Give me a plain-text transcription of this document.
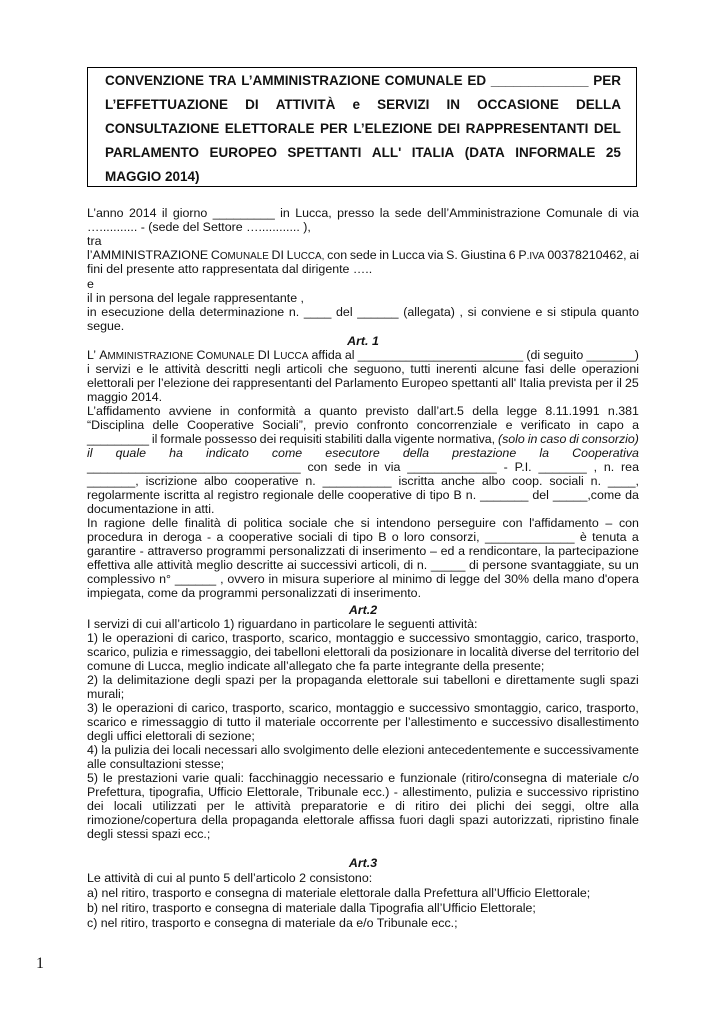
CONVENZIONE TRA L’AMMINISTRAZIONE COMUNALE ED _____________ PER
L’EFFETTUAZIONE DI ATTIVITÀ e SERVIZI IN OCCASIONE DELLA
CONSULTAZIONE ELETTORALE PER L’ELEZIONE DEI RAPPRESENTANTI DEL
PARLAMENTO EUROPEO SPETTANTI ALL' ITALIA (DATA INFORMALE 25
MAGGIO 2014)
L’anno 2014 il giorno _________ in Lucca, presso la sede dell’Amministrazione Comunale di via
…........... - (sede del Settore …............ ),
tra
l’AMMINISTRAZIONE COMUNALE DI LUCCA, con sede in Lucca via S. Giustina 6 P.IVA 00378210462, ai
fini del presente atto rappresentata dal dirigente …..
e
il in persona del legale rappresentante ,
in esecuzione della determinazione n. ____ del ______ (allegata) , si conviene e si stipula quanto
segue.
Art. 1
L’ AMMINISTRAZIONE COMUNALE DI LUCCA affida al ________________________ (di seguito _______)
i servizi e le attività descritti negli articoli che seguono, tutti inerenti alcune fasi delle operazioni
elettorali per l’elezione dei rappresentanti del Parlamento Europeo spettanti all' Italia prevista per il 25
maggio 2014.
L’affidamento avviene in conformità a quanto previsto dall’art.5 della legge 8.11.1991 n.381
“Disciplina delle Cooperative Sociali”, previo confronto concorrenziale e verificato in capo a
_________ il formale possesso dei requisiti stabiliti dalla vigente normativa, (solo in caso di consorzio)
il quale ha indicato come esecutore della prestazione la Cooperativa
_______________________________ con sede in via _____________ - P.I. _______ , n. rea
_______, iscrizione albo cooperative n. __________ iscritta anche albo coop. sociali n. ____,
regolarmente iscritta al registro regionale delle cooperative di tipo B n. _______ del _____,come da
documentazione in atti.
In ragione delle finalità di politica sociale che si intendono perseguire con l'affidamento – con
procedura in deroga - a cooperative sociali di tipo B o loro consorzi, _____________ è tenuta a
garantire - attraverso programmi personalizzati di inserimento – ed a rendicontare, la partecipazione
effettiva alle attività meglio descritte ai successivi articoli, di n. _____ di persone svantaggiate, su un
complessivo n° ______ , ovvero in misura superiore al minimo di legge del 30% della mano d'opera
impiegata, come da programmi personalizzati di inserimento.
Art.2
I servizi di cui all’articolo 1) riguardano in particolare le seguenti attività:
1) le operazioni di carico, trasporto, scarico, montaggio e successivo smontaggio, carico, trasporto,
scarico, pulizia e rimessaggio, dei tabelloni elettorali da posizionare in località diverse del territorio del
comune di Lucca, meglio indicate all’allegato che fa parte integrante della presente;
2) la delimitazione degli spazi per la propaganda elettorale sui tabelloni e direttamente sugli spazi
murali;
3) le operazioni di carico, trasporto, scarico, montaggio e successivo smontaggio, carico, trasporto,
scarico e rimessaggio di tutto il materiale occorrente per l’allestimento e successivo disallestimento
degli uffici elettorali di sezione;
4) la pulizia dei locali necessari allo svolgimento delle elezioni antecedentemente e successivamente
alle consultazioni stesse;
5) le prestazioni varie quali: facchinaggio necessario e funzionale (ritiro/consegna di materiale c/o
Prefettura, tipografia, Ufficio Elettorale, Tribunale ecc.) - allestimento, pulizia e successivo ripristino
dei locali utilizzati per le attività preparatorie e di ritiro dei plichi dei seggi, oltre alla
rimozione/copertura della propaganda elettorale affissa fuori dagli spazi autorizzati, ripristino finale
degli stessi spazi ecc.;
Art.3
Le attività di cui al punto 5 dell’articolo 2 consistono:
a) nel ritiro, trasporto e consegna di materiale elettorale dalla Prefettura all’Ufficio Elettorale;
b) nel ritiro, trasporto e consegna di materiale dalla Tipografia all’Ufficio Elettorale;
c) nel ritiro, trasporto e consegna di materiale da e/o Tribunale ecc.;
1
